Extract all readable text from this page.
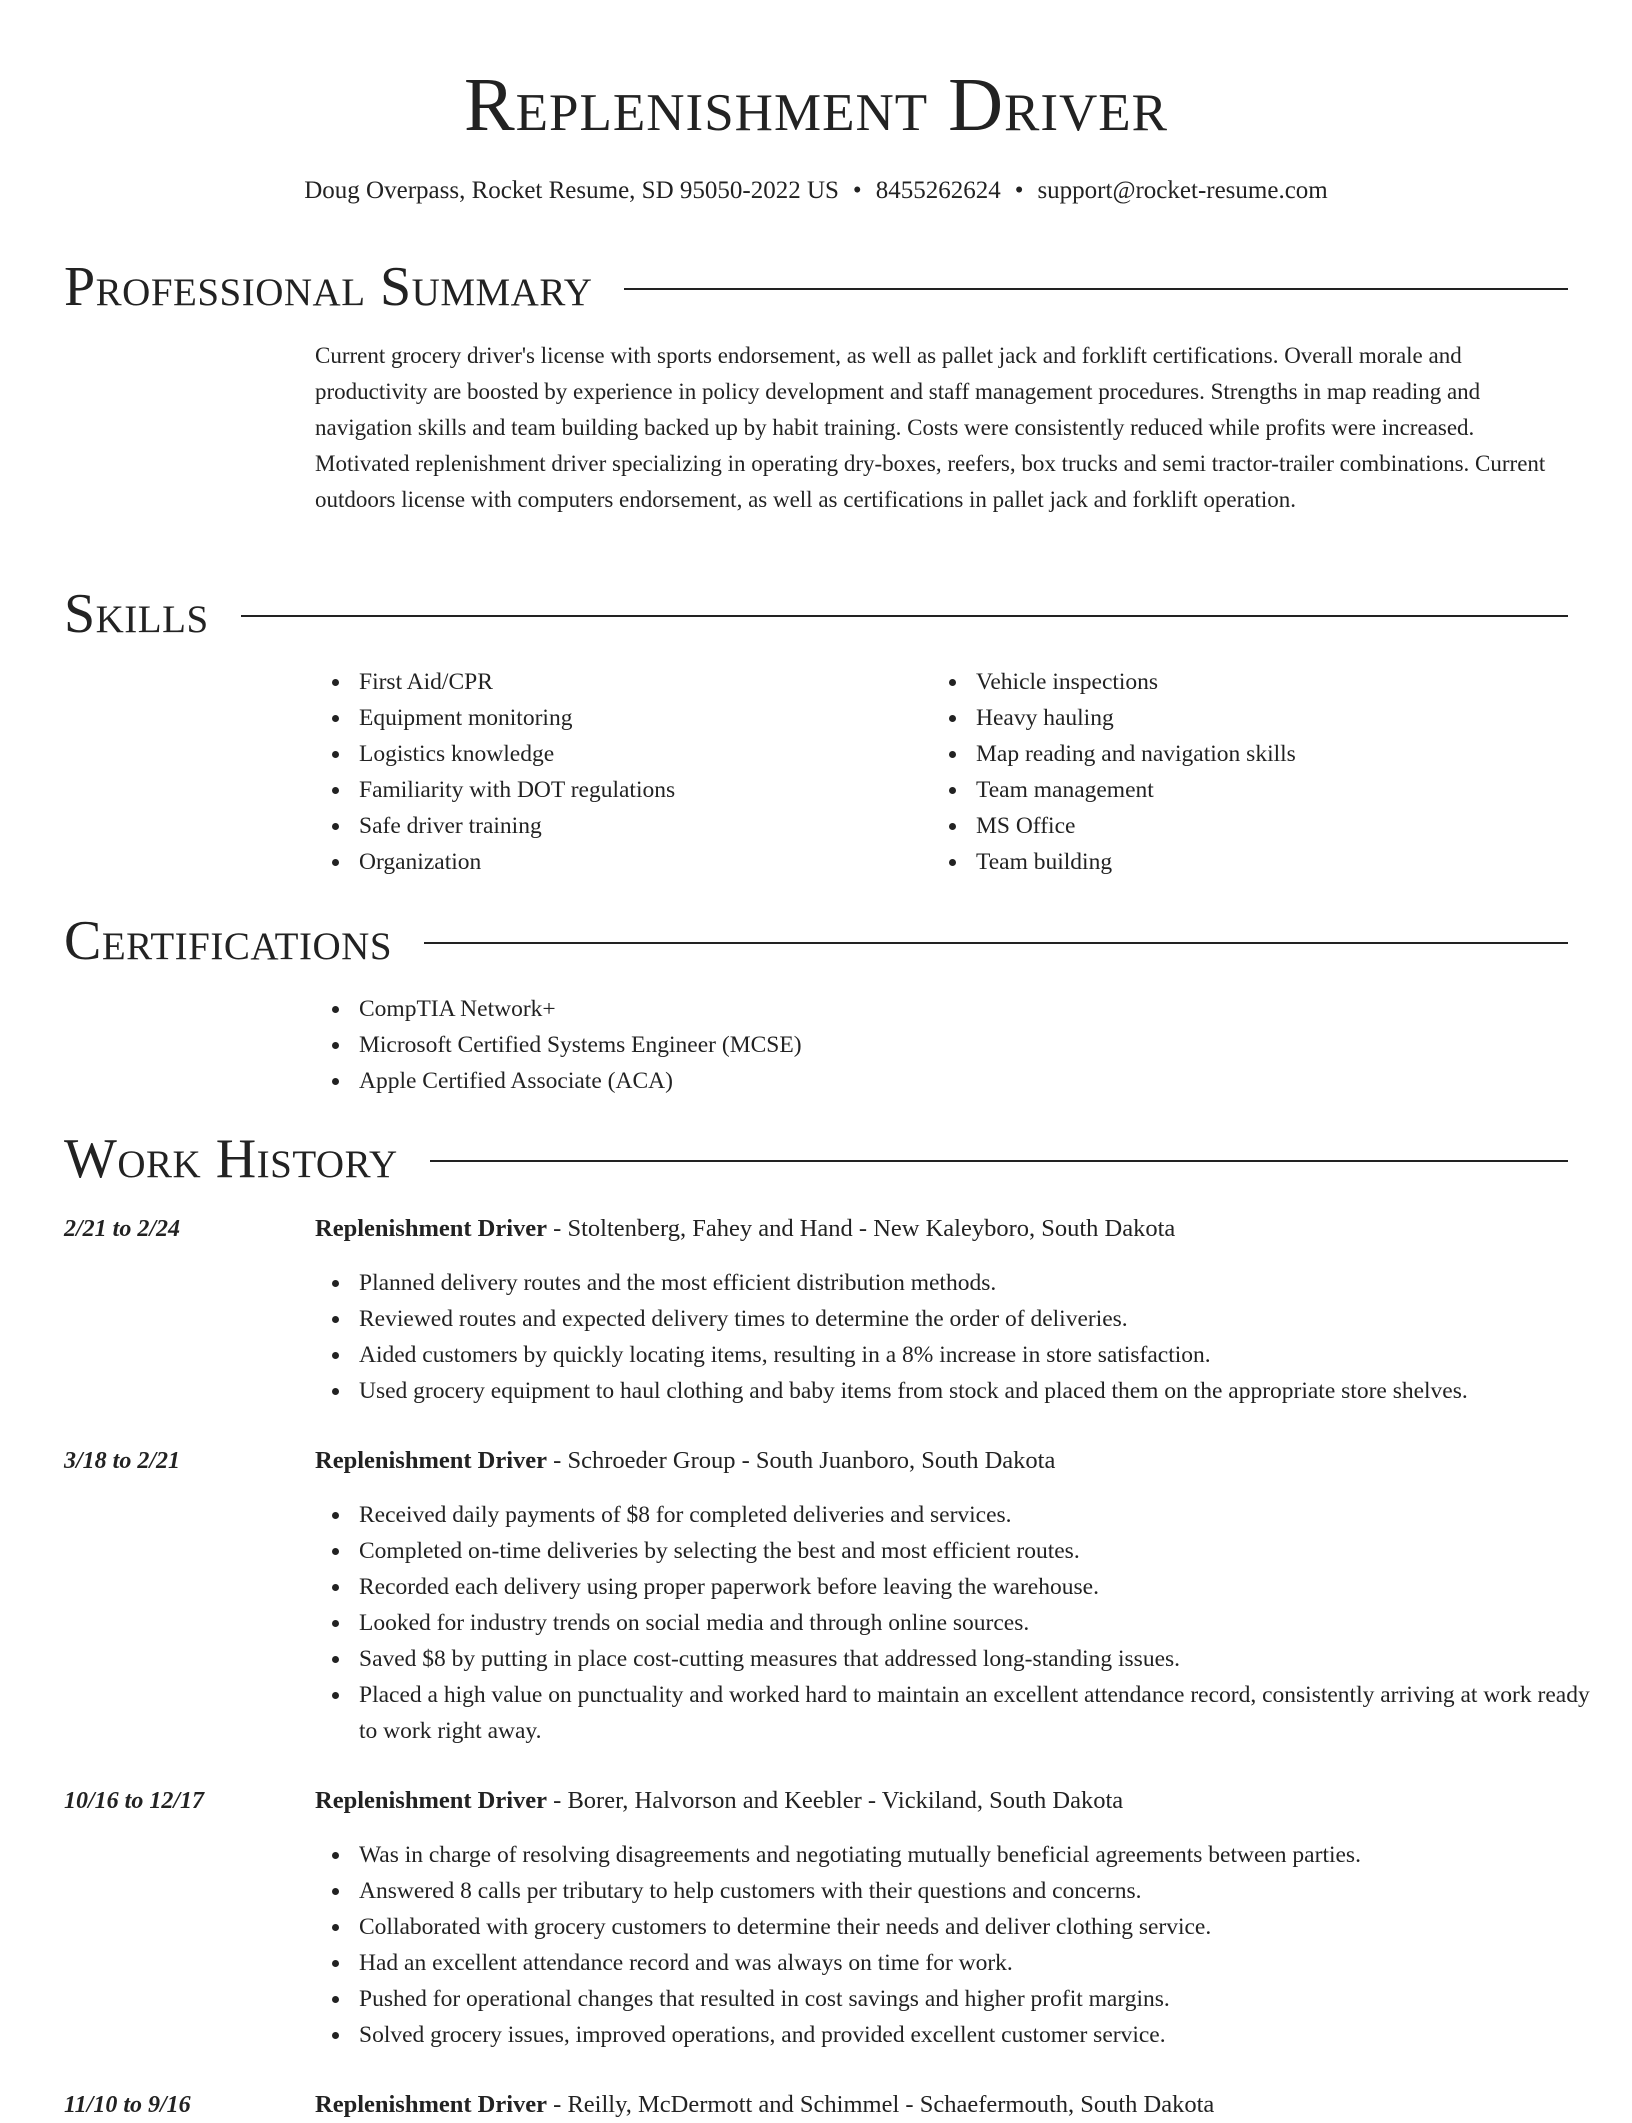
Replenishment Driver
Doug Overpass, Rocket Resume, SD 95050-2022 US • 8455262624 • support@rocket-resume.com
Professional Summary

Current grocery driver's license with sports endorsement, as well as pallet jack and forklift certifications. Overall morale and productivity are boosted by experience in policy development and staff management procedures. Strengths in map reading and navigation skills and team building backed up by habit training. Costs were consistently reduced while profits were increased. Motivated replenishment driver specializing in operating dry-boxes, reefers, box trucks and semi tractor-trailer combinations. Current outdoors license with computers endorsement, as well as certifications in pallet jack and forklift operation.

Skills
First Aid/CPR
Equipment monitoring
Logistics knowledge
Familiarity with DOT regulations
Safe driver training
Organization
Vehicle inspections
Heavy hauling
Map reading and navigation skills
Team management
MS Office
Team building
Certifications
CompTIA Network+
Microsoft Certified Systems Engineer (MCSE)
Apple Certified Associate (ACA)
Work History
2/21 to 2/24	Replenishment Driver - Stoltenberg, Fahey and Hand - New Kaleyboro, South Dakota
Planned delivery routes and the most efficient distribution methods.
Reviewed routes and expected delivery times to determine the order of deliveries.
Aided customers by quickly locating items, resulting in a 8% increase in store satisfaction.
Used grocery equipment to haul clothing and baby items from stock and placed them on the appropriate store shelves.
3/18 to 2/21	Replenishment Driver - Schroeder Group - South Juanboro, South Dakota
Received daily payments of $8 for completed deliveries and services.
Completed on-time deliveries by selecting the best and most efficient routes.
Recorded each delivery using proper paperwork before leaving the warehouse.
Looked for industry trends on social media and through online sources.
Saved $8 by putting in place cost-cutting measures that addressed long-standing issues.
Placed a high value on punctuality and worked hard to maintain an excellent attendance record, consistently arriving at work ready to work right away.
10/16 to 12/17	Replenishment Driver - Borer, Halvorson and Keebler - Vickiland, South Dakota
Was in charge of resolving disagreements and negotiating mutually beneficial agreements between parties.
Answered 8 calls per tributary to help customers with their questions and concerns.
Collaborated with grocery customers to determine their needs and deliver clothing service.
Had an excellent attendance record and was always on time for work.
Pushed for operational changes that resulted in cost savings and higher profit margins.
Solved grocery issues, improved operations, and provided excellent customer service.
11/10 to 9/16	Replenishment Driver - Reilly, McDermott and Schimmel - Schaefermouth, South Dakota
